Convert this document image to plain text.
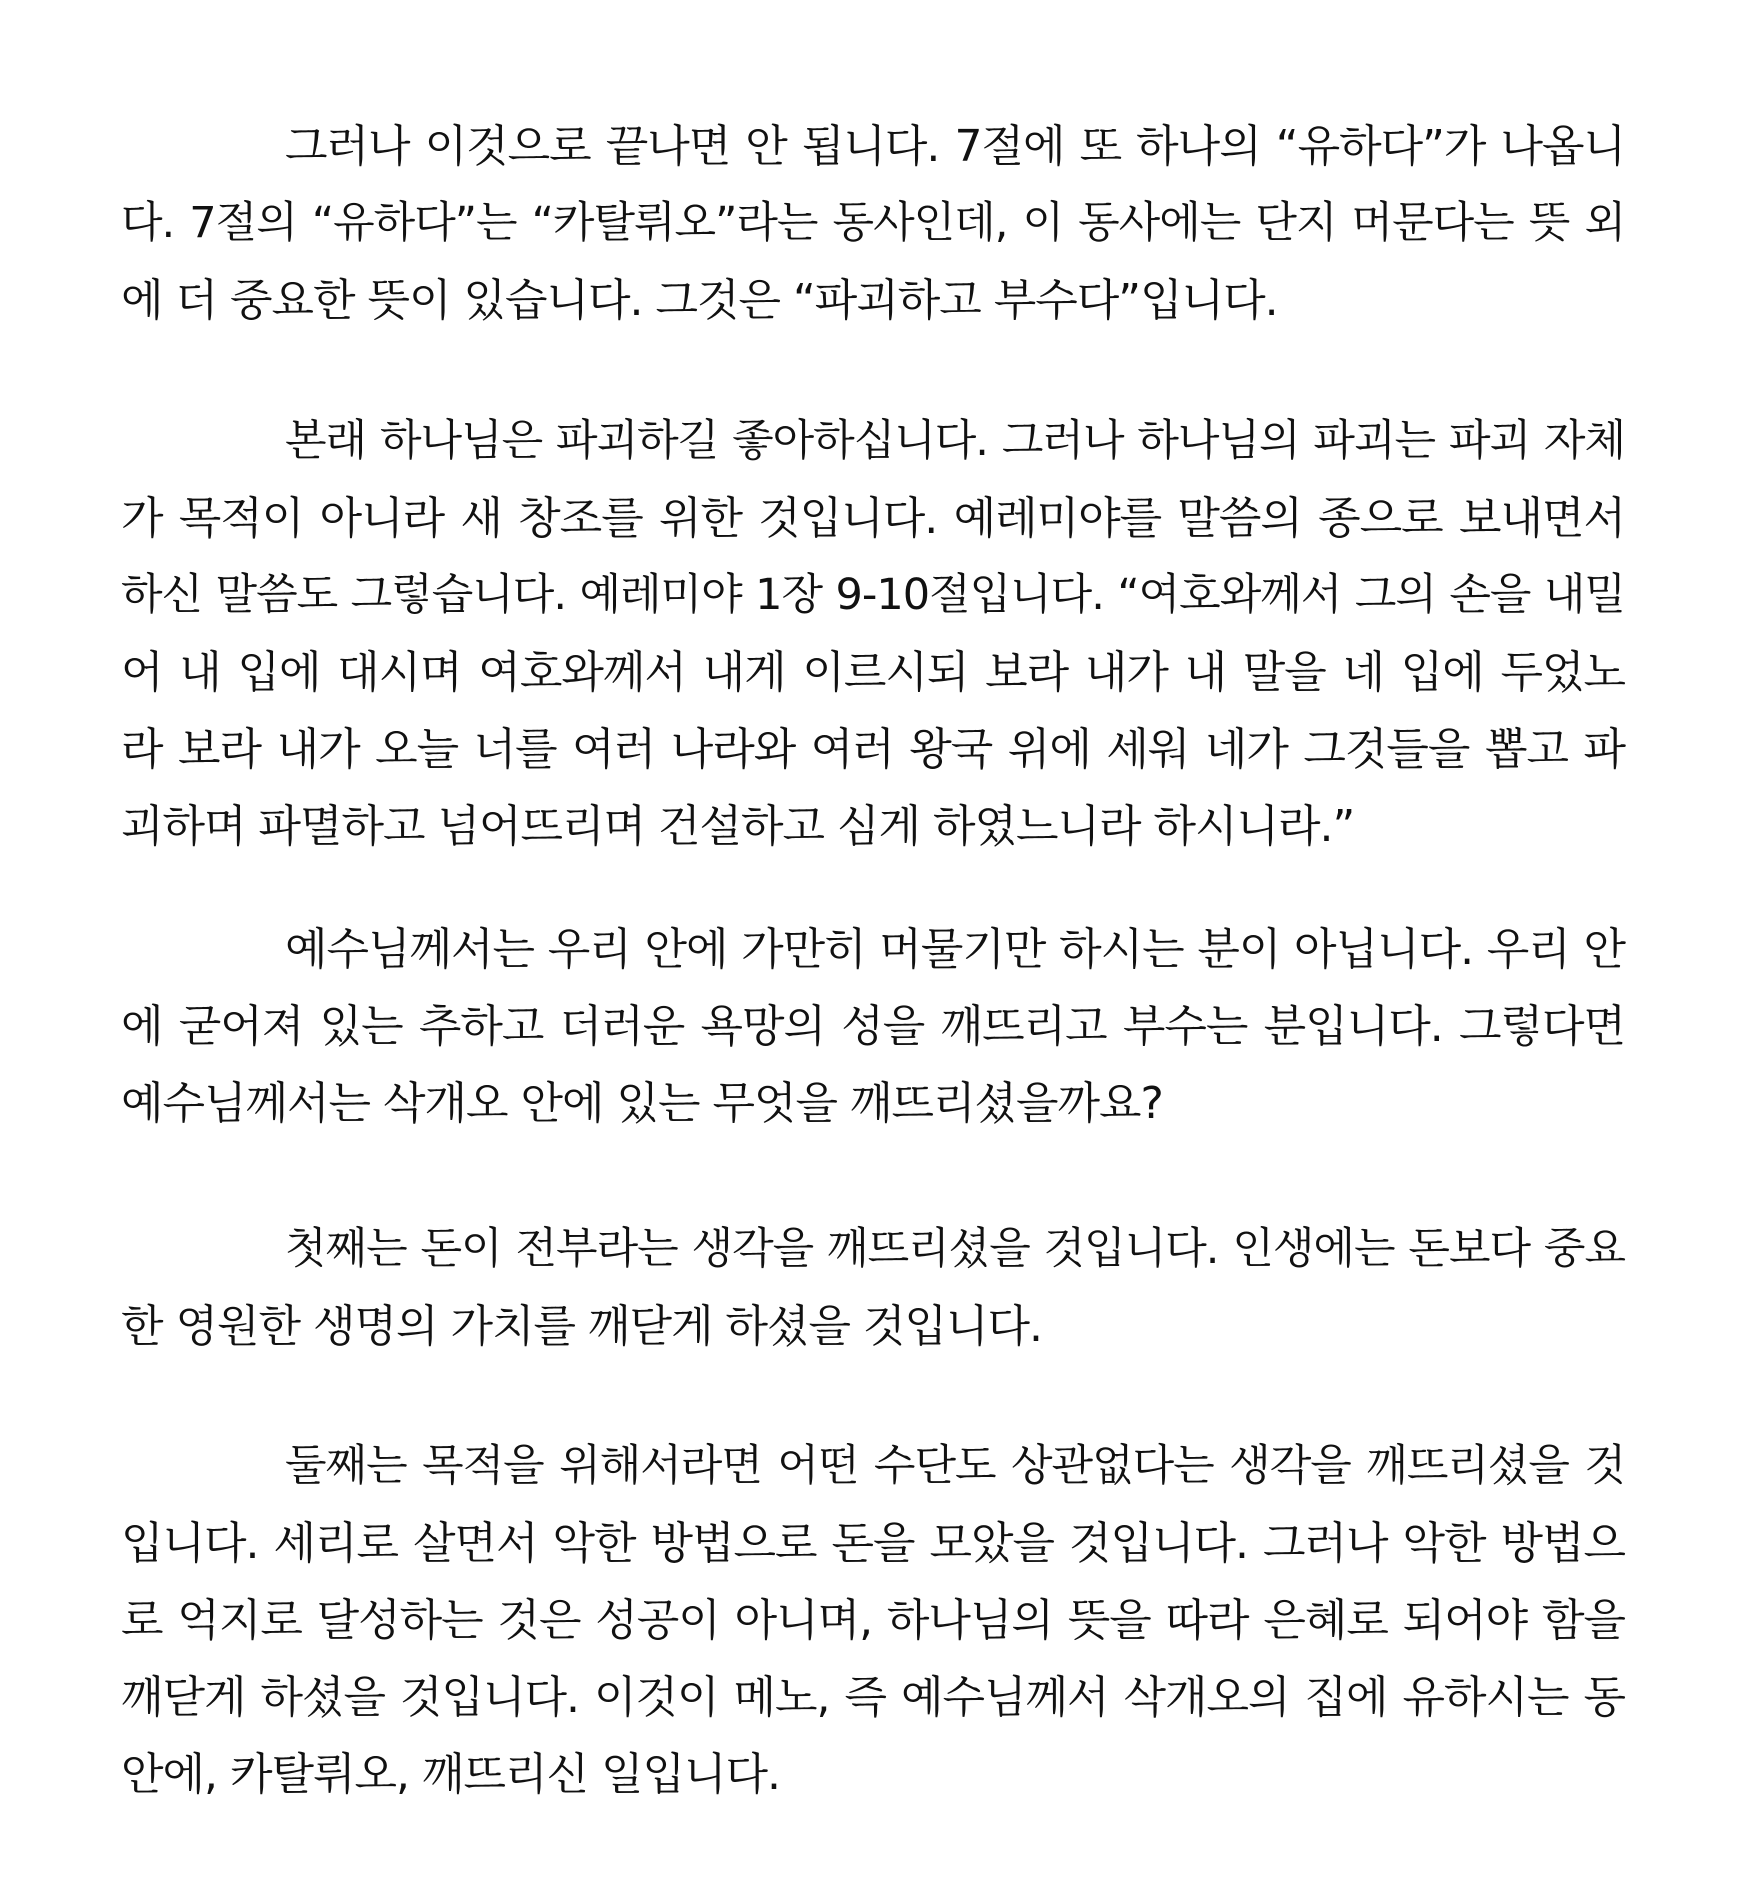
그러나 이것으로 끝나면 안 됩니다. 7절에 또 하나의 “유하다”가 나옵니
다. 7절의 “유하다”는 “카탈뤼오”라는 동사인데, 이 동사에는 단지 머문다는 뜻 외
에 더 중요한 뜻이 있습니다. 그것은 “파괴하고 부수다”입니다.
본래 하나님은 파괴하길 좋아하십니다. 그러나 하나님의 파괴는 파괴 자체
가 목적이 아니라 새 창조를 위한 것입니다. 예레미야를 말씀의 종으로 보내면서
하신 말씀도 그렇습니다. 예레미야 1장 9-10절입니다. “여호와께서 그의 손을 내밀
어 내 입에 대시며 여호와께서 내게 이르시되 보라 내가 내 말을 네 입에 두었노
라 보라 내가 오늘 너를 여러 나라와 여러 왕국 위에 세워 네가 그것들을 뽑고 파
괴하며 파멸하고 넘어뜨리며 건설하고 심게 하였느니라 하시니라.”
예수님께서는 우리 안에 가만히 머물기만 하시는 분이 아닙니다. 우리 안
에 굳어져 있는 추하고 더러운 욕망의 성을 깨뜨리고 부수는 분입니다. 그렇다면
예수님께서는 삭개오 안에 있는 무엇을 깨뜨리셨을까요?
첫째는 돈이 전부라는 생각을 깨뜨리셨을 것입니다. 인생에는 돈보다 중요
한 영원한 생명의 가치를 깨닫게 하셨을 것입니다.
둘째는 목적을 위해서라면 어떤 수단도 상관없다는 생각을 깨뜨리셨을 것
입니다. 세리로 살면서 악한 방법으로 돈을 모았을 것입니다. 그러나 악한 방법으
로 억지로 달성하는 것은 성공이 아니며, 하나님의 뜻을 따라 은혜로 되어야 함을
깨닫게 하셨을 것입니다. 이것이 메노, 즉 예수님께서 삭개오의 집에 유하시는 동
안에, 카탈뤼오, 깨뜨리신 일입니다.
